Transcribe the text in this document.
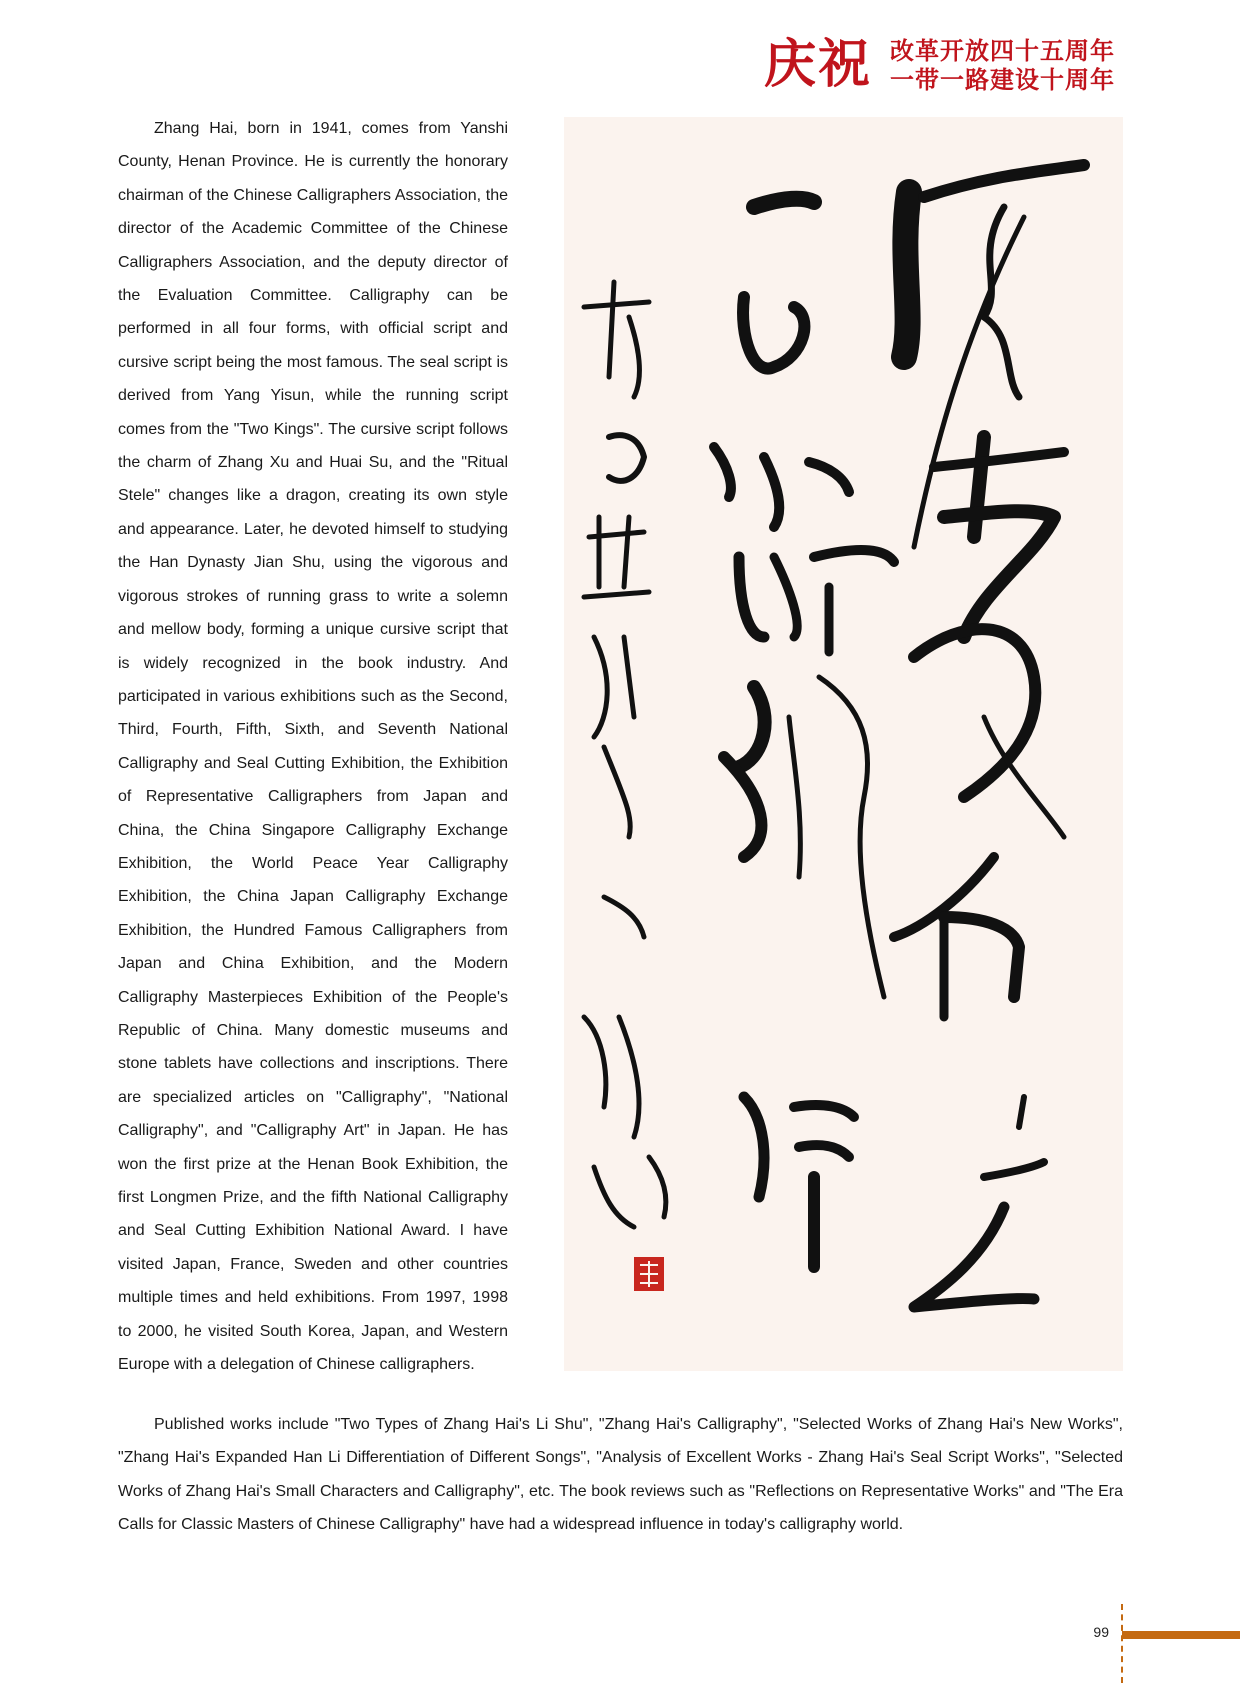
庆祝 改革开放四十五周年
一带一路建设十周年

Zhang Hai, born in 1941, comes from Yanshi County, Henan Province. He is currently the honorary chairman of the Chinese Calligraphers Association, the director of the Academic Committee of the Chinese Calligraphers Association, and the deputy director of the Evaluation Committee. Calligraphy can be performed in all four forms, with official script and cursive script being the most famous. The seal script is derived from Yang Yisun, while the running script comes from the "Two Kings". The cursive script follows the charm of Zhang Xu and Huai Su, and the "Ritual Stele" changes like a dragon, creating its own style and appearance. Later, he devoted himself to studying the Han Dynasty Jian Shu, using the vigorous and vigorous strokes of running grass to write a solemn and mellow body, forming a unique cursive script that is widely recognized in the book industry. And participated in various exhibitions such as the Second, Third, Fourth, Fifth, Sixth, and Seventh National Calligraphy and Seal Cutting Exhibition, the Exhibition of Representative Calligraphers from Japan and China, the China Singapore Calligraphy Exchange Exhibition, the World Peace Year Calligraphy Exhibition, the China Japan Calligraphy Exchange Exhibition, the Hundred Famous Calligraphers from Japan and China Exhibition, and the Modern Calligraphy Masterpieces Exhibition of the People's Republic of China. Many domestic museums and stone tablets have collections and inscriptions. There are specialized articles on "Calligraphy", "National Calligraphy", and "Calligraphy Art" in Japan. He has won the first prize at the Henan Book Exhibition, the first Longmen Prize, and the fifth National Calligraphy and Seal Cutting Exhibition National Award. I have visited Japan, France, Sweden and other countries multiple times and held exhibitions. From 1997, 1998 to 2000, he visited South Korea, Japan, and Western Europe with a delegation of Chinese calligraphers.

Published works include "Two Types of Zhang Hai's Li Shu", "Zhang Hai's Calligraphy", "Selected Works of Zhang Hai's New Works", "Zhang Hai's Expanded Han Li Differentiation of Different Songs", "Analysis of Excellent Works - Zhang Hai's Seal Script Works", "Selected Works of Zhang Hai's Small Characters and Calligraphy", etc. The book reviews such as "Reflections on Representative Works" and "The Era Calls for Classic Masters of Chinese Calligraphy" have had a widespread influence in today's calligraphy world.

99
